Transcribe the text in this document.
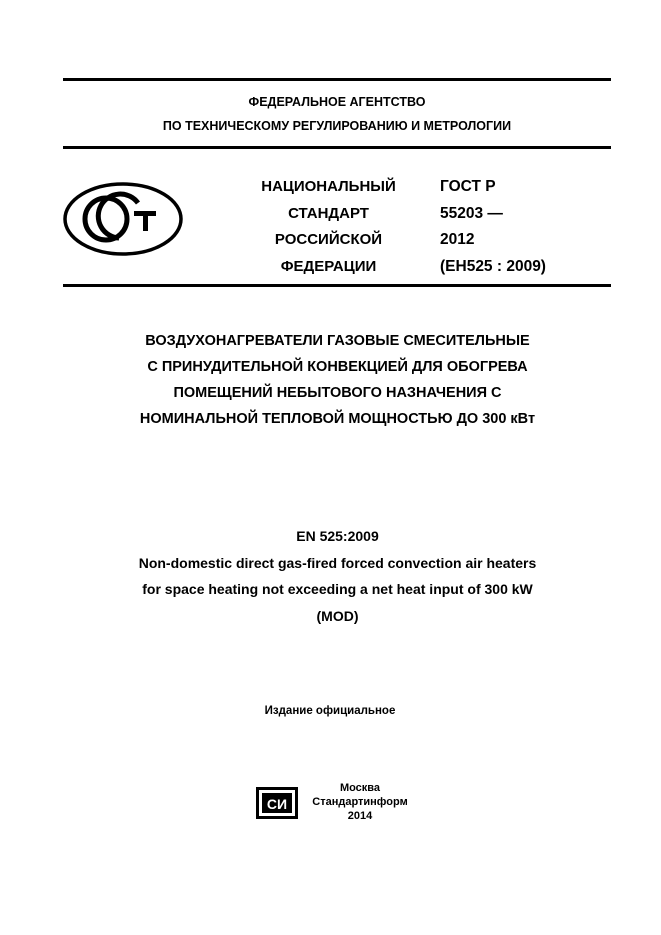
ФЕДЕРАЛЬНОЕ АГЕНТСТВО
ПО ТЕХНИЧЕСКОМУ РЕГУЛИРОВАНИЮ И МЕТРОЛОГИИ
НАЦИОНАЛЬНЫЙ
СТАНДАРТ
РОССИЙСКОЙ
ФЕДЕРАЦИИ
ГОСТ Р
55203 —
2012
(ЕН525 : 2009)
ВОЗДУХОНАГРЕВАТЕЛИ ГАЗОВЫЕ СМЕСИТЕЛЬНЫЕ
С ПРИНУДИТЕЛЬНОЙ КОНВЕКЦИЕЙ ДЛЯ ОБОГРЕВА
ПОМЕЩЕНИЙ НЕБЫТОВОГО НАЗНАЧЕНИЯ С
НОМИНАЛЬНОЙ ТЕПЛОВОЙ МОЩНОСТЬЮ ДО 300 кВт
EN 525:2009
Non-domestic direct gas-fired forced convection air heaters
for space heating not exceeding a net heat input of 300 kW
(MOD)
Издание официальное
СИ
Москва
Стандартинформ
2014
